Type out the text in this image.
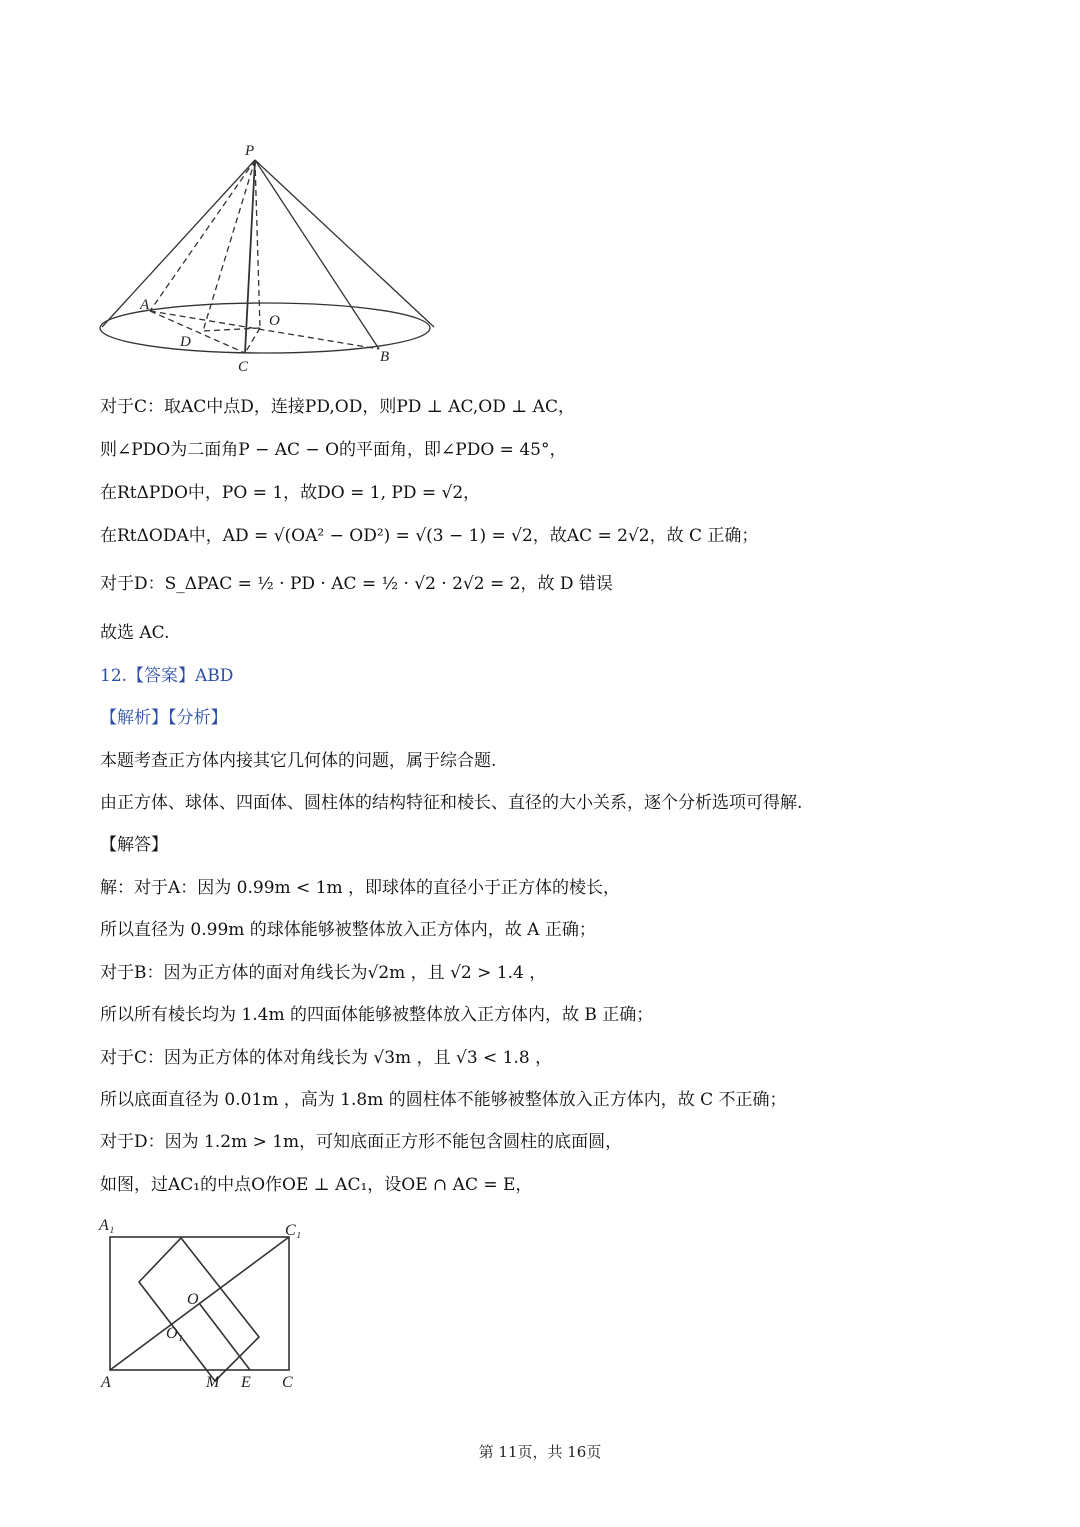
P
A
O
D
C
B
对于C：取AC中点D，连接PD,OD，则PD ⊥ AC,OD ⊥ AC，
则∠PDO为二面角P − AC − O的平面角，即∠PDO = 45°，
在RtΔPDO中，PO = 1，故DO = 1, PD = √2，
在RtΔODA中，AD = √(OA² − OD²) = √(3 − 1) = √2，故AC = 2√2，故 C 正确；
对于D：S_ΔPAC = ½ · PD · AC = ½ · √2 · 2√2 = 2，故 D 错误
故选 AC.
12.【答案】ABD
【解析】【分析】
本题考查正方体内接其它几何体的问题，属于综合题.
由正方体、球体、四面体、圆柱体的结构特征和棱长、直径的大小关系，逐个分析选项可得解.
【解答】
解：对于A：因为 0.99m < 1m ，即球体的直径小于正方体的棱长，
所以直径为 0.99m 的球体能够被整体放入正方体内，故 A 正确；
对于B：因为正方体的面对角线长为√2m ，且 √2 > 1.4 ，
所以所有棱长均为 1.4m 的四面体能够被整体放入正方体内，故 B 正确；
对于C：因为正方体的体对角线长为 √3m ，且 √3 < 1.8 ，
所以底面直径为 0.01m ，高为 1.8m 的圆柱体不能够被整体放入正方体内，故 C 不正确；
对于D：因为 1.2m > 1m，可知底面正方形不能包含圆柱的底面圆，
如图，过AC₁的中点O作OE ⊥ AC₁，设OE ∩ AC = E，
A₁	C₁
O
O₁
A	M E C
第 11页，共 16页
